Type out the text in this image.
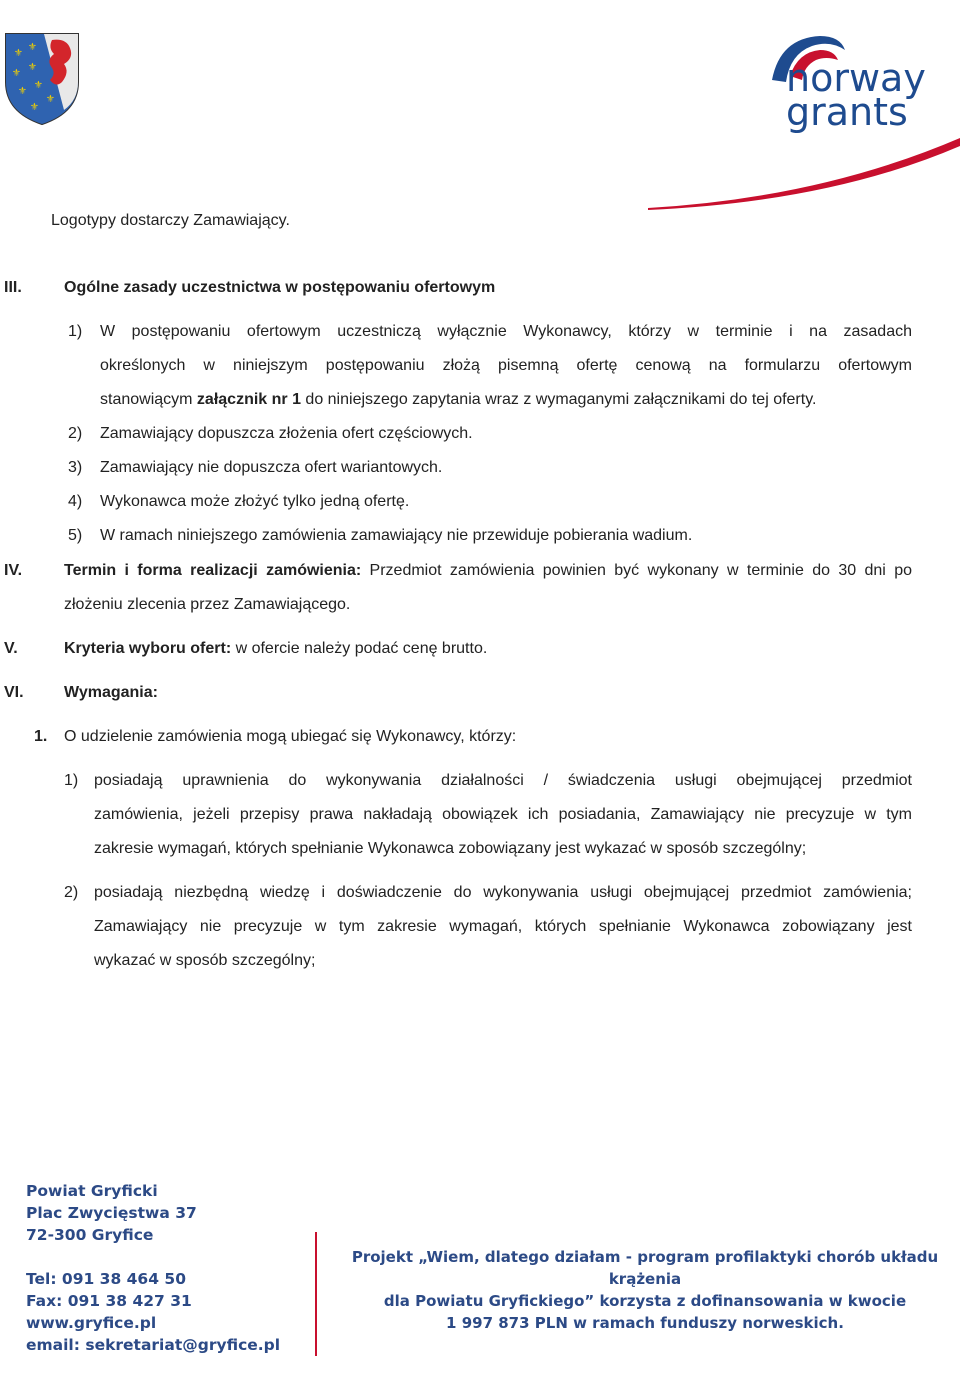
⚜
⚜
⚜
⚜
⚜
⚜
⚜
⚜	norway
grants
Logotypy dostarczy Zamawiający.
III.	Ogólne zasady uczestnictwa w postępowaniu ofertowym
1) W postępowaniu ofertowym uczestniczą wyłącznie Wykonawcy, którzy w terminie i na zasadach
określonych w niniejszym postępowaniu złożą pisemną ofertę cenową na formularzu ofertowym
stanowiącym załącznik nr 1 do niniejszego zapytania wraz z wymaganymi załącznikami do tej oferty.
2) Zamawiający dopuszcza złożenia ofert częściowych.
3) Zamawiający nie dopuszcza ofert wariantowych.
4) Wykonawca może złożyć tylko jedną ofertę.
5) W ramach niniejszego zamówienia zamawiający nie przewiduje pobierania wadium.
IV.	Termin i forma realizacji zamówienia: Przedmiot zamówienia powinien być wykonany w terminie do 30 dni po
złożeniu zlecenia przez Zamawiającego.
V.	Kryteria wyboru ofert: w ofercie należy podać cenę brutto.
VI.	Wymagania:
1. O udzielenie zamówienia mogą ubiegać się Wykonawcy, którzy:
1) posiadają uprawnienia do wykonywania działalności / świadczenia usługi obejmującej przedmiot
zamówienia, jeżeli przepisy prawa nakładają obowiązek ich posiadania, Zamawiający nie precyzuje w tym
zakresie wymagań, których spełnianie Wykonawca zobowiązany jest wykazać w sposób szczególny;
2) posiadają niezbędną wiedzę i doświadczenie do wykonywania usługi obejmującej przedmiot zamówienia;
Zamawiający nie precyzuje w tym zakresie wymagań, których spełnianie Wykonawca zobowiązany jest
wykazać w sposób szczególny;
Powiat Gryficki
Plac Zwycięstwa 37
72-300 Gryfice
Tel: 091 38 464 50
Fax: 091 38 427 31
www.gryfice.pl
email: sekretariat@gryfice.pl
Projekt „Wiem, dlatego działam - program profilaktyki chorób układu krążenia
dla Powiatu Gryfickiego” korzysta z dofinansowania w kwocie
1 997 873 PLN w ramach funduszy norweskich.
